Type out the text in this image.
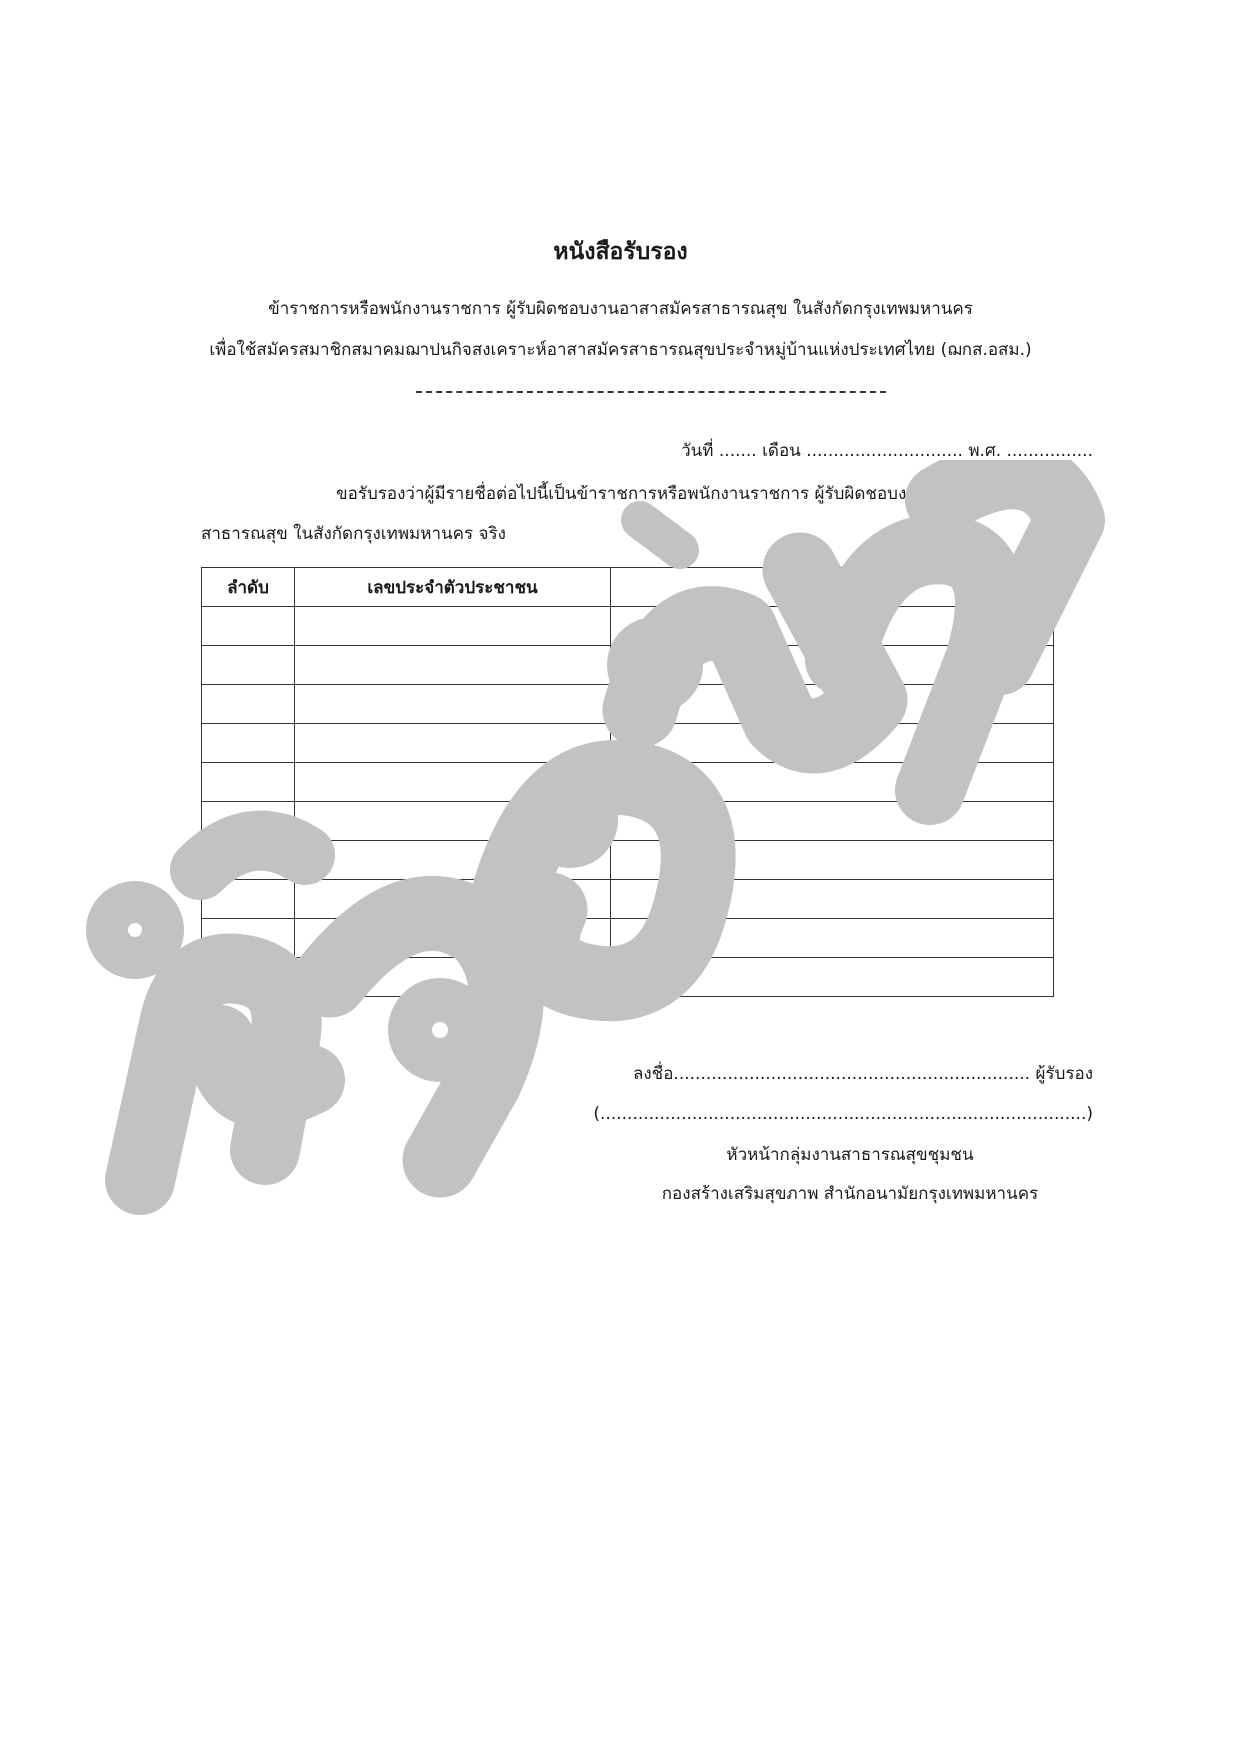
หนังสือรับรอง
ข้าราชการหรือพนักงานราชการ ผู้รับผิดชอบงานอาสาสมัครสาธารณสุข ในสังกัดกรุงเทพมหานคร
เพื่อใช้สมัครสมาชิกสมาคมฌาปนกิจสงเคราะห์อาสาสมัครสาธารณสุขประจำหมู่บ้านแห่งประเทศไทย (ฌกส.อสม.)
วันที่ ....... เดือน ............................. พ.ศ. ................
ขอรับรองว่าผู้มีรายชื่อต่อไปนี้เป็นข้าราชการหรือพนักงานราชการ ผู้รับผิดชอบงานอาสาสมัคร
สาธารณสุข ในสังกัดกรุงเทพมหานคร จริง
ลำดับ	เลขประจำตัวประชาชน	ชื่อสกุล

ลงชื่อ.................................................................. ผู้รับรอง
(..........................................................................................)
หัวหน้ากลุ่มงานสาธารณสุขชุมชน
กองสร้างเสริมสุขภาพ สำนักอนามัยกรุงเทพมหานคร
